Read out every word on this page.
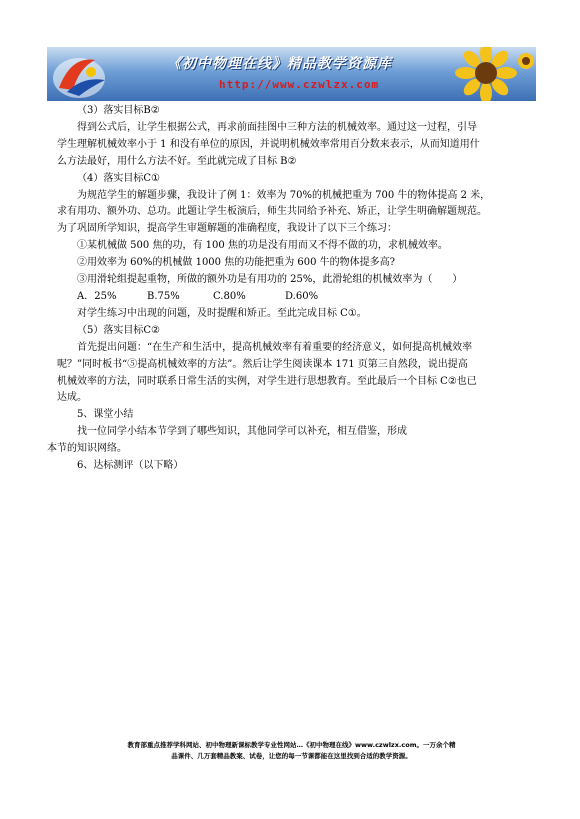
《初中物理在线》精品教学资源库
http://www.czwlzx.com

（3）落实目标B②

得到公式后，让学生根据公式，再求前面挂图中三种方法的机械效率。通过这一过程，引导

学生理解机械效率小于 1 和没有单位的原因，并说明机械效率常用百分数来表示，从而知道用什

么方法最好，用什么方法不好。至此就完成了目标 B②

（4）落实目标C①

为规范学生的解题步骤，我设计了例 1：效率为 70%的机械把重为 700 牛的物体提高 2 米，

求有用功、额外功、总功。此题让学生板演后，师生共同给予补充、矫正，让学生明确解题规范。

为了巩固所学知识，提高学生审题解题的准确程度，我设计了以下三个练习：

①某机械做 500 焦的功，有 100 焦的功是没有用而又不得不做的功，求机械效率。

②用效率为 60%的机械做 1000 焦的功能把重为 600 牛的物体提多高?

③用滑轮组提起重物，所做的额外功是有用功的 25%，此滑轮组的机械效率为（　　）

A．25%	B.75%	C.80%	D.60%

对学生练习中出现的问题，及时提醒和矫正。至此完成目标 C①。

（5）落实目标C②

首先提出问题：“在生产和生活中，提高机械效率有着重要的经济意义，如何提高机械效率

呢？”同时板书“⑤提高机械效率的方法”。然后让学生阅读课本 171 页第三自然段，说出提高

机械效率的方法，同时联系日常生活的实例，对学生进行思想教育。至此最后一个目标 C②也已

达成。

5、课堂小结

找一位同学小结本节学到了哪些知识，其他同学可以补充，相互借鉴，形成

本节的知识网络。

6、达标测评（以下略）

教育部重点推荐学科网站、初中物理新课标教学专业性网站…《初中物理在线》www.czwlzx.com。一万余个精
品课件、几万套精品教案、试卷，让您的每一节课都能在这里找到合适的教学资源。
